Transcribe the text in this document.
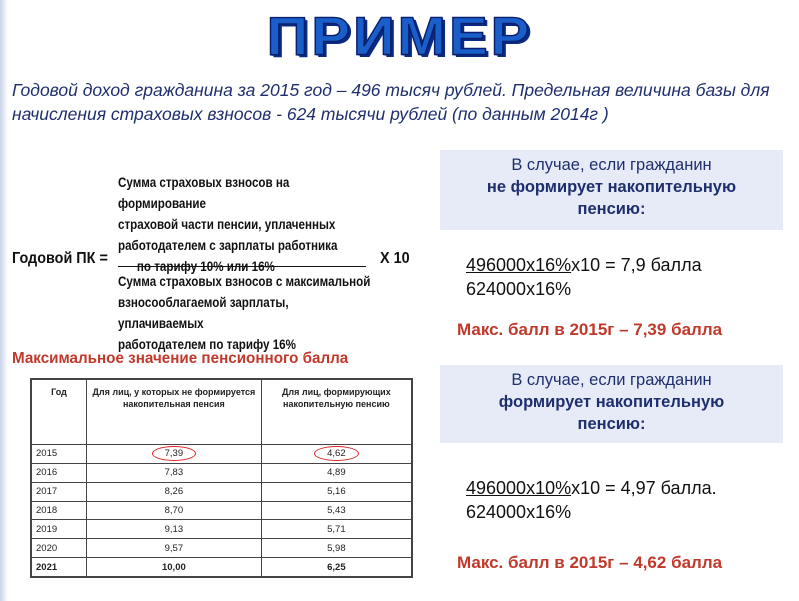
ПРИМЕР
Годовой доход гражданина за 2015 год – 496 тысяч рублей. Предельная величина базы для начисления страховых взносов - 624 тысячи рублей (по данным 2014г )
Сумма страховых взносов на формирование
страховой части пенсии, уплаченных
работодателем с зарплаты работника
по тарифу 10% или 16%
Годовой ПК =	Х 10
Сумма страховых взносов с максимальной
взносооблагаемой зарплаты, уплачиваемых
работодателем по тарифу 16%
Максимальное значение пенсионного балла
Год	Для лиц, у которых не формируется накопительная пенсия	Для лиц, формирующих накопительную пенсию
2015	7,39	4,62
2016	7,83	4,89
2017	8,26	5,16
2018	8,70	5,43
2019	9,13	5,71
2020	9,57	5,98
2021	10,00	6,25
В случае, если гражданин
не формирует накопительную
пенсию:
496000х16%х10 = 7,9 балла
624000х16%
Макс. балл в 2015г – 7,39 балла
В случае, если гражданин
формирует накопительную
пенсию:
496000х10%х10 = 4,97 балла.
624000х16%
Макс. балл в 2015г – 4,62 балла
